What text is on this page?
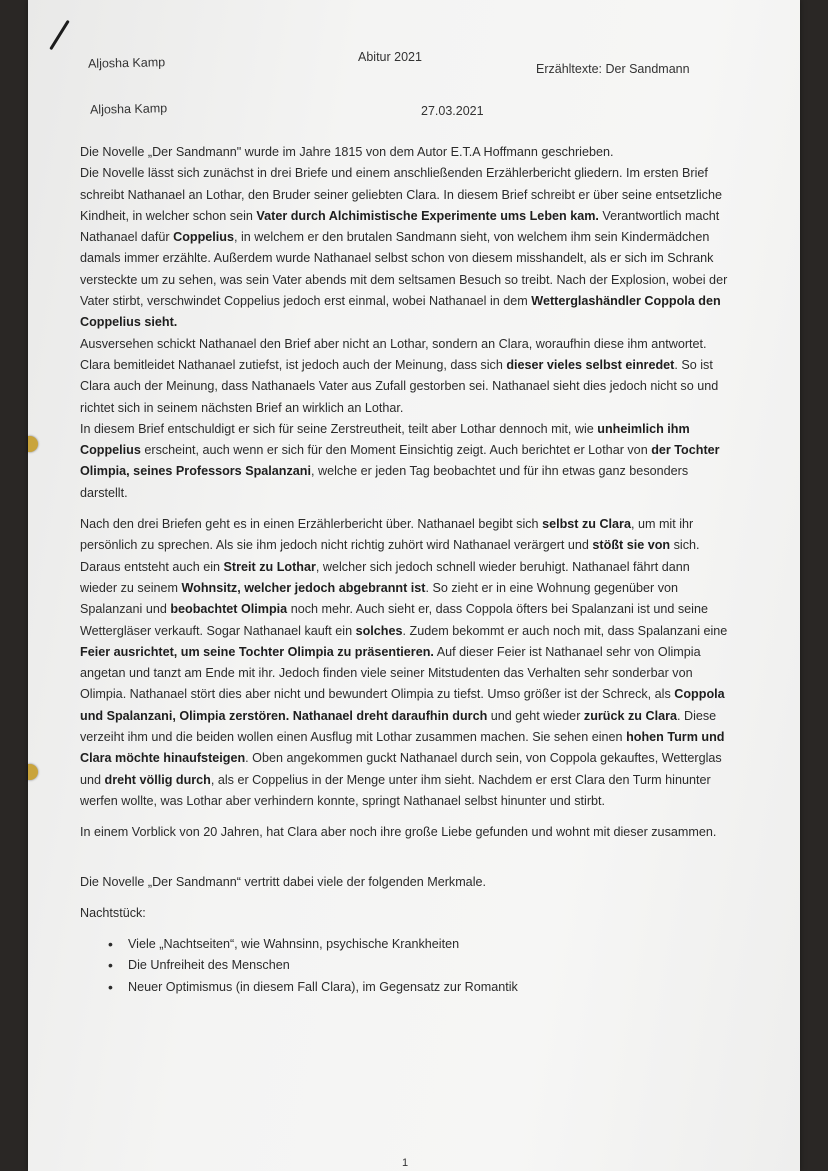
Aljosha Kamp	Abitur 2021
Erzähltexte: Der Sandmann
Aljosha Kamp	27.03.2021

Die Novelle „Der Sandmann" wurde im Jahre 1815 von dem Autor E.T.A Hoffmann geschrieben.

Die Novelle lässt sich zunächst in drei Briefe und einem anschließenden Erzählerbericht gliedern. Im ersten Brief schreibt Nathanael an Lothar, den Bruder seiner geliebten Clara. In diesem Brief schreibt er über seine entsetzliche Kindheit, in welcher schon sein Vater durch Alchimistische Experimente ums Leben kam. Verantwortlich macht Nathanael dafür Coppelius, in welchem er den brutalen Sandmann sieht, von welchem ihm sein Kindermädchen damals immer erzählte. Außerdem wurde Nathanael selbst schon von diesem misshandelt, als er sich im Schrank versteckte um zu sehen, was sein Vater abends mit dem seltsamen Besuch so treibt. Nach der Explosion, wobei der Vater stirbt, verschwindet Coppelius jedoch erst einmal, wobei Nathanael in dem Wetterglashändler Coppola den Coppelius sieht.

Ausversehen schickt Nathanael den Brief aber nicht an Lothar, sondern an Clara, woraufhin diese ihm antwortet.

Clara bemitleidet Nathanael zutiefst, ist jedoch auch der Meinung, dass sich dieser vieles selbst einredet. So ist Clara auch der Meinung, dass Nathanaels Vater aus Zufall gestorben sei. Nathanael sieht dies jedoch nicht so und richtet sich in seinem nächsten Brief an wirklich an Lothar.

In diesem Brief entschuldigt er sich für seine Zerstreutheit, teilt aber Lothar dennoch mit, wie unheimlich ihm Coppelius erscheint, auch wenn er sich für den Moment Einsichtig zeigt. Auch berichtet er Lothar von der Tochter Olimpia, seines Professors Spalanzani, welche er jeden Tag beobachtet und für ihn etwas ganz besonders darstellt.

Nach den drei Briefen geht es in einen Erzählerbericht über. Nathanael begibt sich selbst zu Clara, um mit ihr persönlich zu sprechen. Als sie ihm jedoch nicht richtig zuhört wird Nathanael verärgert und stößt sie von sich. Daraus entsteht auch ein Streit zu Lothar, welcher sich jedoch schnell wieder beruhigt. Nathanael fährt dann wieder zu seinem Wohnsitz, welcher jedoch abgebrannt ist. So zieht er in eine Wohnung gegenüber von Spalanzani und beobachtet Olimpia noch mehr. Auch sieht er, dass Coppola öfters bei Spalanzani ist und seine Wettergläser verkauft. Sogar Nathanael kauft ein solches. Zudem bekommt er auch noch mit, dass Spalanzani eine Feier ausrichtet, um seine Tochter Olimpia zu präsentieren. Auf dieser Feier ist Nathanael sehr von Olimpia angetan und tanzt am Ende mit ihr. Jedoch finden viele seiner Mitstudenten das Verhalten sehr sonderbar von Olimpia. Nathanael stört dies aber nicht und bewundert Olimpia zu tiefst. Umso größer ist der Schreck, als Coppola und Spalanzani, Olimpia zerstören. Nathanael dreht daraufhin durch und geht wieder zurück zu Clara. Diese verzeiht ihm und die beiden wollen einen Ausflug mit Lothar zusammen machen. Sie sehen einen hohen Turm und Clara möchte hinaufsteigen. Oben angekommen guckt Nathanael durch sein, von Coppola gekauftes, Wetterglas und dreht völlig durch, als er Coppelius in der Menge unter ihm sieht. Nachdem er erst Clara den Turm hinunter werfen wollte, was Lothar aber verhindern konnte, springt Nathanael selbst hinunter und stirbt.

In einem Vorblick von 20 Jahren, hat Clara aber noch ihre große Liebe gefunden und wohnt mit dieser zusammen.

Die Novelle „Der Sandmann“ vertritt dabei viele der folgenden Merkmale.

Nachtstück:

• Viele „Nachtseiten“, wie Wahnsinn, psychische Krankheiten
• Die Unfreiheit des Menschen
• Neuer Optimismus (in diesem Fall Clara), im Gegensatz zur Romantik
1
